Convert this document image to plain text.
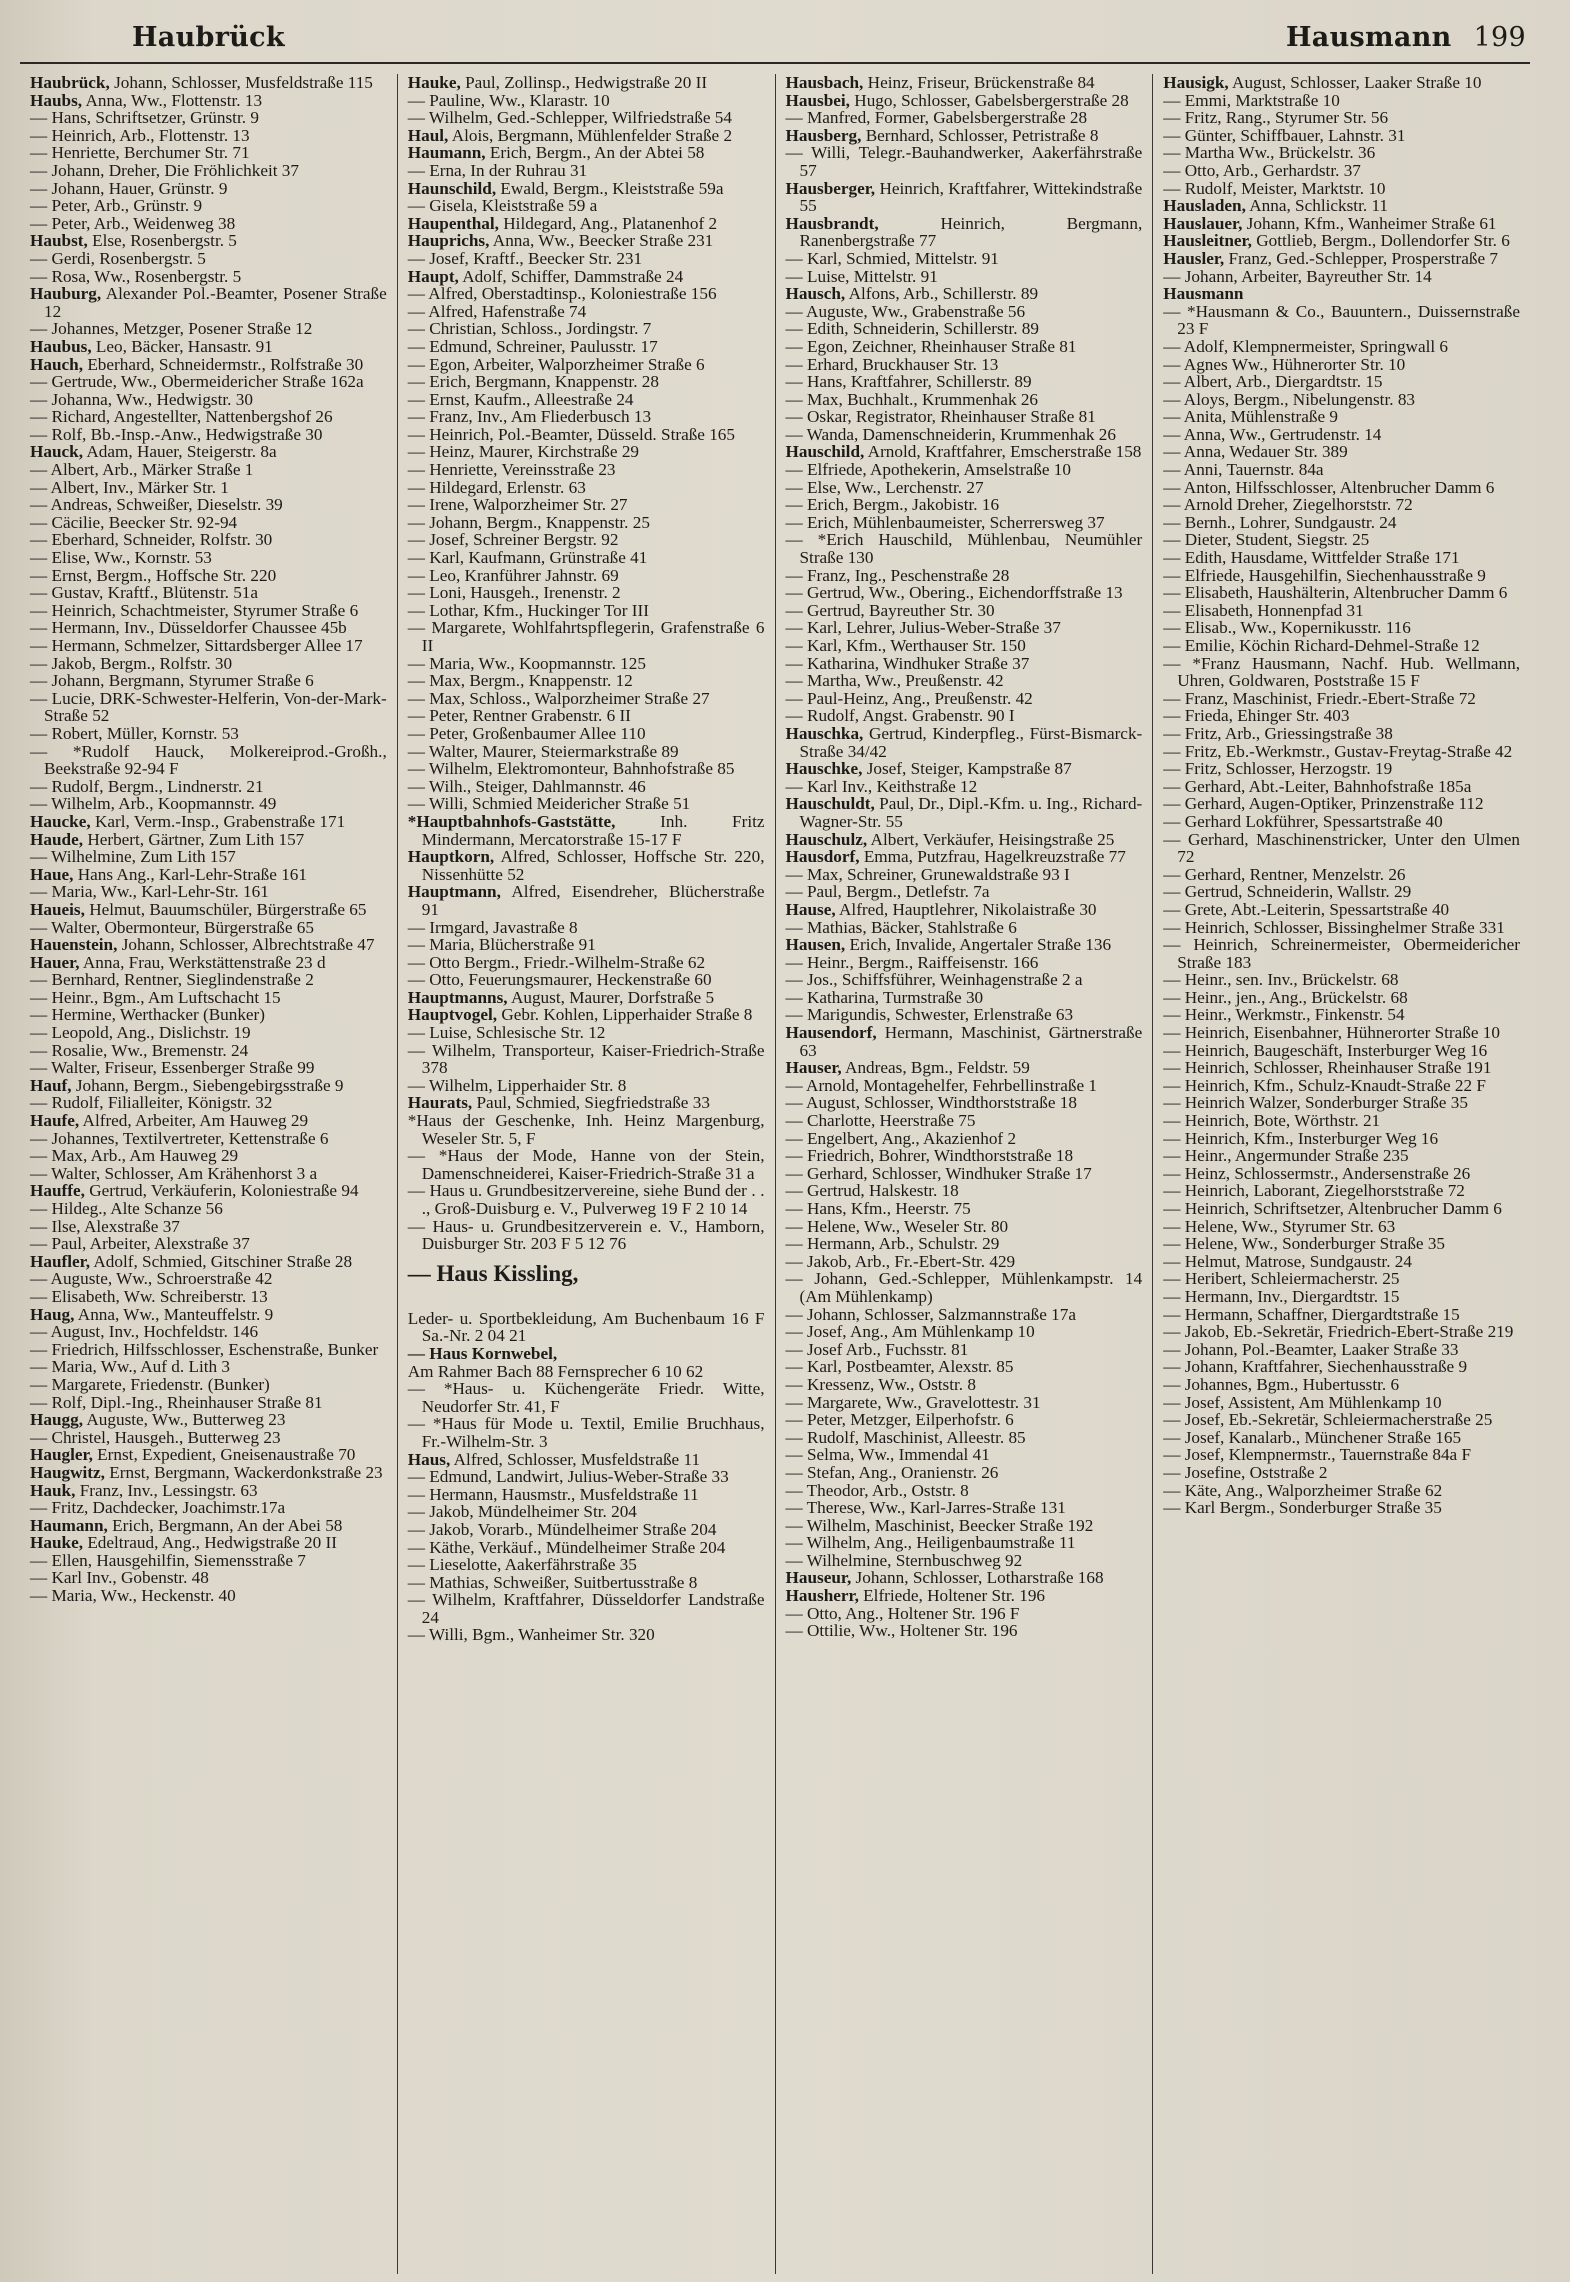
Haubrück	Hausmann 199

Haubrück, Johann, Schlosser, Musfeldstraße 115

Haubs, Anna, Ww., Flottenstr. 13

— Hans, Schriftsetzer, Grünstr. 9

— Heinrich, Arb., Flottenstr. 13

— Henriette, Berchumer Str. 71

— Johann, Dreher, Die Fröhlichkeit 37

— Johann, Hauer, Grünstr. 9

— Peter, Arb., Grünstr. 9

— Peter, Arb., Weidenweg 38

Haubst, Else, Rosenbergstr. 5

— Gerdi, Rosenbergstr. 5

— Rosa, Ww., Rosenbergstr. 5

Hauburg, Alexander Pol.-Beamter, Posener Straße 12

— Johannes, Metzger, Posener Straße 12

Haubus, Leo, Bäcker, Hansastr. 91

Hauch, Eberhard, Schneidermstr., Rolfstraße 30

— Gertrude, Ww., Obermeidericher Straße 162a

— Johanna, Ww., Hedwigstr. 30

— Richard, Angestellter, Nattenbergshof 26

— Rolf, Bb.-Insp.-Anw., Hedwigstraße 30

Hauck, Adam, Hauer, Steigerstr. 8a

— Albert, Arb., Märker Straße 1

— Albert, Inv., Märker Str. 1

— Andreas, Schweißer, Dieselstr. 39

— Cäcilie, Beecker Str. 92-94

— Eberhard, Schneider, Rolfstr. 30

— Elise, Ww., Kornstr. 53

— Ernst, Bergm., Hoffsche Str. 220

— Gustav, Kraftf., Blütenstr. 51a

— Heinrich, Schachtmeister, Styrumer Straße 6

— Hermann, Inv., Düsseldorfer Chaussee 45b

— Hermann, Schmelzer, Sittardsberger Allee 17

— Jakob, Bergm., Rolfstr. 30

— Johann, Bergmann, Styrumer Straße 6

— Lucie, DRK-Schwester-Helferin, Von-der-Mark-Straße 52

— Robert, Müller, Kornstr. 53

— *Rudolf Hauck, Molkereiprod.-Großh., Beekstraße 92-94 F

— Rudolf, Bergm., Lindnerstr. 21

— Wilhelm, Arb., Koopmannstr. 49

Haucke, Karl, Verm.-Insp., Grabenstraße 171

Haude, Herbert, Gärtner, Zum Lith 157

— Wilhelmine, Zum Lith 157

Haue, Hans Ang., Karl-Lehr-Straße 161

— Maria, Ww., Karl-Lehr-Str. 161

Haueis, Helmut, Bauumschüler, Bürgerstraße 65

— Walter, Obermonteur, Bürgerstraße 65

Hauenstein, Johann, Schlosser, Albrechtstraße 47

Hauer, Anna, Frau, Werkstättenstraße 23 d

— Bernhard, Rentner, Sieglindenstraße 2

— Heinr., Bgm., Am Luftschacht 15

— Hermine, Werthacker (Bunker)

— Leopold, Ang., Dislichstr. 19

— Rosalie, Ww., Bremenstr. 24

— Walter, Friseur, Essenberger Straße 99

Hauf, Johann, Bergm., Siebengebirgsstraße 9

— Rudolf, Filialleiter, Königstr. 32

Haufe, Alfred, Arbeiter, Am Hauweg 29

— Johannes, Textilvertreter, Kettenstraße 6

— Max, Arb., Am Hauweg 29

— Walter, Schlosser, Am Krähenhorst 3 a

Hauffe, Gertrud, Verkäuferin, Koloniestraße 94

— Hildeg., Alte Schanze 56

— Ilse, Alexstraße 37

— Paul, Arbeiter, Alexstraße 37

Haufler, Adolf, Schmied, Gitschiner Straße 28

— Auguste, Ww., Schroerstraße 42

— Elisabeth, Ww. Schreiberstr. 13

Haug, Anna, Ww., Manteuffelstr. 9

— August, Inv., Hochfeldstr. 146

— Friedrich, Hilfsschlosser, Eschenstraße, Bunker

— Maria, Ww., Auf d. Lith 3

— Margarete, Friedenstr. (Bunker)

— Rolf, Dipl.-Ing., Rheinhauser Straße 81

Haugg, Auguste, Ww., Butterweg 23

— Christel, Hausgeh., Butterweg 23

Haugler, Ernst, Expedient, Gneisenaustraße 70

Haugwitz, Ernst, Bergmann, Wackerdonkstraße 23

Hauk, Franz, Inv., Lessingstr. 63

— Fritz, Dachdecker, Joachimstr.17a

Haumann, Erich, Bergmann, An der Abei 58

Hauke, Edeltraud, Ang., Hedwigstraße 20 II

— Ellen, Hausgehilfin, Siemensstraße 7

— Karl Inv., Gobenstr. 48

— Maria, Ww., Heckenstr. 40

Hauke, Paul, Zollinsp., Hedwigstraße 20 II

— Pauline, Ww., Klarastr. 10

— Wilhelm, Ged.-Schlepper, Wilfriedstraße 54

Haul, Alois, Bergmann, Mühlenfelder Straße 2

Haumann, Erich, Bergm., An der Abtei 58

— Erna, In der Ruhrau 31

Haunschild, Ewald, Bergm., Kleiststraße 59a

— Gisela, Kleiststraße 59 a

Haupenthal, Hildegard, Ang., Platanenhof 2

Hauprichs, Anna, Ww., Beecker Straße 231

— Josef, Kraftf., Beecker Str. 231

Haupt, Adolf, Schiffer, Dammstraße 24

— Alfred, Oberstadtinsp., Koloniestraße 156

— Alfred, Hafenstraße 74

— Christian, Schloss., Jordingstr. 7

— Edmund, Schreiner, Paulusstr. 17

— Egon, Arbeiter, Walporzheimer Straße 6

— Erich, Bergmann, Knappenstr. 28

— Ernst, Kaufm., Alleestraße 24

— Franz, Inv., Am Fliederbusch 13

— Heinrich, Pol.-Beamter, Düsseld. Straße 165

— Heinz, Maurer, Kirchstraße 29

— Henriette, Vereinsstraße 23

— Hildegard, Erlenstr. 63

— Irene, Walporzheimer Str. 27

— Johann, Bergm., Knappenstr. 25

— Josef, Schreiner Bergstr. 92

— Karl, Kaufmann, Grünstraße 41

— Leo, Kranführer Jahnstr. 69

— Loni, Hausgeh., Irenenstr. 2

— Lothar, Kfm., Huckinger Tor III

— Margarete, Wohlfahrtspflegerin, Grafenstraße 6 II

— Maria, Ww., Koopmannstr. 125

— Max, Bergm., Knappenstr. 12

— Max, Schloss., Walporzheimer Straße 27

— Peter, Rentner Grabenstr. 6 II

— Peter, Großenbaumer Allee 110

— Walter, Maurer, Steiermarkstraße 89

— Wilhelm, Elektromonteur, Bahnhofstraße 85

— Wilh., Steiger, Dahlmannstr. 46

— Willi, Schmied Meidericher Straße 51

*Hauptbahnhofs-Gaststätte,	Inh. Fritz Mindermann, Mercatorstraße 15-17 F

Hauptkorn, Alfred, Schlosser, Hoffsche Str. 220, Nissenhütte 52

Hauptmann, Alfred, Eisendreher, Blücherstraße 91

— Irmgard, Javastraße 8

— Maria, Blücherstraße 91

— Otto Bergm., Friedr.-Wilhelm-Straße 62

— Otto, Feuerungsmaurer, Heckenstraße 60

Hauptmanns, August, Maurer, Dorfstraße 5

Hauptvogel, Gebr. Kohlen, Lipperhaider Straße 8

— Luise, Schlesische Str. 12

— Wilhelm, Transporteur, Kaiser-Friedrich-Straße 378

— Wilhelm, Lipperhaider Str. 8

Haurats, Paul, Schmied, Siegfriedstraße 33

*Haus der Geschenke, Inh. Heinz Margenburg, Weseler Str. 5, F

— *Haus der Mode, Hanne von der Stein, Damenschneiderei, Kaiser-Friedrich-Straße 31 a

— Haus u. Grundbesitzervereine, siehe Bund der . . ., Groß-Duisburg e. V., Pulverweg 19 F 2 10 14

— Haus- u. Grundbesitzerverein e. V., Hamborn, Duisburger Str. 203 F 5 12 76

— Haus Kissling,

Leder- u. Sportbekleidung, Am Buchenbaum 16 F Sa.-Nr. 2 04 21

— Haus Kornwebel,

Am Rahmer Bach 88 Fernsprecher 6 10 62

— *Haus- u. Küchengeräte Friedr. Witte, Neudorfer Str. 41, F

— *Haus für Mode u. Textil, Emilie Bruchhaus, Fr.-Wilhelm-Str. 3

Haus, Alfred, Schlosser, Musfeldstraße 11

— Edmund, Landwirt, Julius-Weber-Straße 33

— Hermann, Hausmstr., Musfeldstraße 11

— Jakob, Mündelheimer Str. 204

— Jakob, Vorarb., Mündelheimer Straße 204

— Käthe, Verkäuf., Mündelheimer Straße 204

— Lieselotte, Aakerfährstraße 35

— Mathias, Schweißer, Suitbertusstraße 8

— Wilhelm, Kraftfahrer, Düsseldorfer Landstraße 24

— Willi, Bgm., Wanheimer Str. 320

Hausbach, Heinz, Friseur, Brückenstraße 84

Hausbei, Hugo, Schlosser, Gabelsbergerstraße 28

— Manfred, Former, Gabelsbergerstraße 28

Hausberg, Bernhard, Schlosser, Petristraße 8

— Willi, Telegr.-Bauhandwerker, Aakerfährstraße 57

Hausberger, Heinrich, Kraftfahrer, Wittekindstraße 55

Hausbrandt,	Heinrich, Bergmann, Ranenbergstraße 77

— Karl, Schmied, Mittelstr. 91

— Luise, Mittelstr. 91

Hausch, Alfons, Arb., Schillerstr. 89

— Auguste, Ww., Grabenstraße 56

— Edith, Schneiderin, Schillerstr. 89

— Egon, Zeichner, Rheinhauser Straße 81

— Erhard, Bruckhauser Str. 13

— Hans, Kraftfahrer, Schillerstr. 89

— Max, Buchhalt., Krummenhak 26

— Oskar, Registrator, Rheinhauser Straße 81

— Wanda, Damenschneiderin, Krummenhak 26

Hauschild, Arnold, Kraftfahrer, Emscherstraße 158

— Elfriede, Apothekerin, Amselstraße 10

— Else, Ww., Lerchenstr. 27

— Erich, Bergm., Jakobistr. 16

— Erich, Mühlenbaumeister, Scherrersweg 37

— *Erich Hauschild, Mühlenbau, Neumühler Straße 130

— Franz, Ing., Peschenstraße 28

— Gertrud, Ww., Obering., Eichendorffstraße 13

— Gertrud, Bayreuther Str. 30

— Karl, Lehrer, Julius-Weber-Straße 37

— Karl, Kfm., Werthauser Str. 150

— Katharina, Windhuker Straße 37

— Martha, Ww., Preußenstr. 42

— Paul-Heinz, Ang., Preußenstr. 42

— Rudolf, Angst. Grabenstr. 90 I

Hauschka, Gertrud, Kinderpfleg., Fürst-Bismarck-Straße 34/42

Hauschke, Josef, Steiger, Kampstraße 87

— Karl Inv., Keithstraße 12

Hauschuldt, Paul, Dr., Dipl.-Kfm. u. Ing., Richard-Wagner-Str. 55

Hauschulz, Albert, Verkäufer, Heisingstraße 25

Hausdorf, Emma, Putzfrau, Hagelkreuzstraße 77

— Max, Schreiner, Grunewaldstraße 93 I

— Paul, Bergm., Detlefstr. 7a

Hause, Alfred, Hauptlehrer, Nikolaistraße 30

— Mathias, Bäcker, Stahlstraße 6

Hausen, Erich, Invalide, Angertaler Straße 136

— Heinr., Bergm., Raiffeisenstr. 166

— Jos., Schiffsführer, Weinhagenstraße 2 a

— Katharina, Turmstraße 30

— Marigundis, Schwester, Erlenstraße 63

Hausendorf, Hermann, Maschinist, Gärtnerstraße 63

Hauser, Andreas, Bgm., Feldstr. 59

— Arnold, Montagehelfer, Fehrbellinstraße 1

— August, Schlosser, Windthorststraße 18

— Charlotte, Heerstraße 75

— Engelbert, Ang., Akazienhof 2

— Friedrich, Bohrer, Windthorststraße 18

— Gerhard, Schlosser, Windhuker Straße 17

— Gertrud, Halskestr. 18

— Hans, Kfm., Heerstr. 75

— Helene, Ww., Weseler Str. 80

— Hermann, Arb., Schulstr. 29

— Jakob, Arb., Fr.-Ebert-Str. 429

— Johann, Ged.-Schlepper, Mühlenkampstr. 14 (Am Mühlenkamp)

— Johann, Schlosser, Salzmannstraße 17a

— Josef, Ang., Am Mühlenkamp 10

— Josef Arb., Fuchsstr. 81

— Karl, Postbeamter, Alexstr. 85

— Kressenz, Ww., Oststr. 8

— Margarete, Ww., Gravelottestr. 31

— Peter, Metzger, Eilperhofstr. 6

— Rudolf, Maschinist, Alleestr. 85

— Selma, Ww., Immendal 41

— Stefan, Ang., Oranienstr. 26

— Theodor, Arb., Oststr. 8

— Therese, Ww., Karl-Jarres-Straße 131

— Wilhelm, Maschinist, Beecker Straße 192

— Wilhelm, Ang., Heiligenbaumstraße 11

— Wilhelmine, Sternbuschweg 92

Hauseur, Johann, Schlosser, Lotharstraße 168

Hausherr, Elfriede, Holtener Str. 196

— Otto, Ang., Holtener Str. 196 F

— Ottilie, Ww., Holtener Str. 196

Hausigk, August, Schlosser, Laaker Straße 10

— Emmi, Marktstraße 10

— Fritz, Rang., Styrumer Str. 56

— Günter, Schiffbauer, Lahnstr. 31

— Martha Ww., Brückelstr. 36

— Otto, Arb., Gerhardstr. 37

— Rudolf, Meister, Marktstr. 10

Hausladen, Anna, Schlickstr. 11

Hauslauer, Johann, Kfm., Wanheimer Straße 61

Hausleitner, Gottlieb, Bergm., Dollendorfer Str. 6

Hausler, Franz, Ged.-Schlepper, Prosperstraße 7

— Johann, Arbeiter, Bayreuther Str. 14

Hausmann

— *Hausmann & Co., Bauuntern., Duissernstraße 23 F

— Adolf, Klempnermeister, Springwall 6

— Agnes Ww., Hühnerorter Str. 10

— Albert, Arb., Diergardtstr. 15

— Aloys, Bergm., Nibelungenstr. 83

— Anita, Mühlenstraße 9

— Anna, Ww., Gertrudenstr. 14

— Anna, Wedauer Str. 389

— Anni, Tauernstr. 84a

— Anton, Hilfsschlosser, Altenbrucher Damm 6

— Arnold Dreher, Ziegelhorststr. 72

— Bernh., Lohrer, Sundgaustr. 24

— Dieter, Student, Siegstr. 25

— Edith, Hausdame, Wittfelder Straße 171

— Elfriede, Hausgehilfin, Siechenhausstraße 9

— Elisabeth, Haushälterin, Altenbrucher Damm 6

— Elisabeth, Honnenpfad 31

— Elisab., Ww., Kopernikusstr. 116

— Emilie, Köchin Richard-Dehmel-Straße 12

— *Franz Hausmann, Nachf. Hub. Wellmann, Uhren, Goldwaren, Poststraße 15 F

— Franz, Maschinist, Friedr.-Ebert-Straße 72

— Frieda, Ehinger Str. 403

— Fritz, Arb., Griessingstraße 38

— Fritz, Eb.-Werkmstr., Gustav-Freytag-Straße 42

— Fritz, Schlosser, Herzogstr. 19

— Gerhard, Abt.-Leiter, Bahnhofstraße 185a

— Gerhard, Augen-Optiker, Prinzenstraße 112

— Gerhard Lokführer, Spessartstraße 40

— Gerhard, Maschinenstricker, Unter den Ulmen 72

— Gerhard, Rentner, Menzelstr. 26

— Gertrud, Schneiderin, Wallstr. 29

— Grete, Abt.-Leiterin, Spessartstraße 40

— Heinrich, Schlosser, Bissinghelmer Straße 331

— Heinrich, Schreinermeister, Obermeidericher Straße 183

— Heinr., sen. Inv., Brückelstr. 68

— Heinr., jen., Ang., Brückelstr. 68

— Heinr., Werkmstr., Finkenstr. 54

— Heinrich, Eisenbahner, Hühnerorter Straße 10

— Heinrich, Baugeschäft, Insterburger Weg 16

— Heinrich, Schlosser, Rheinhauser Straße 191

— Heinrich, Kfm., Schulz-Knaudt-Straße 22 F

— Heinrich Walzer, Sonderburger Straße 35

— Heinrich, Bote, Wörthstr. 21

— Heinrich, Kfm., Insterburger Weg 16

— Heinr., Angermunder Straße 235

— Heinz, Schlossermstr., Andersenstraße 26

— Heinrich, Laborant, Ziegelhorststraße 72

— Heinrich, Schriftsetzer, Altenbrucher Damm 6

— Helene, Ww., Styrumer Str. 63

— Helene, Ww., Sonderburger Straße 35

— Helmut, Matrose, Sundgaustr. 24

— Heribert, Schleiermacherstr. 25

— Hermann, Inv., Diergardtstr. 15

— Hermann, Schaffner, Diergardtstraße 15

— Jakob, Eb.-Sekretär, Friedrich-Ebert-Straße 219

— Johann, Pol.-Beamter, Laaker Straße 33

— Johann, Kraftfahrer, Siechenhausstraße 9

— Johannes, Bgm., Hubertusstr. 6

— Josef, Assistent, Am Mühlenkamp 10

— Josef, Eb.-Sekretär, Schleiermacherstraße 25

— Josef, Kanalarb., Münchener Straße 165

— Josef, Klempnermstr., Tauernstraße 84a F

— Josefine, Oststraße 2

— Käte, Ang., Walporzheimer Straße 62

— Karl Bergm., Sonderburger Straße 35
